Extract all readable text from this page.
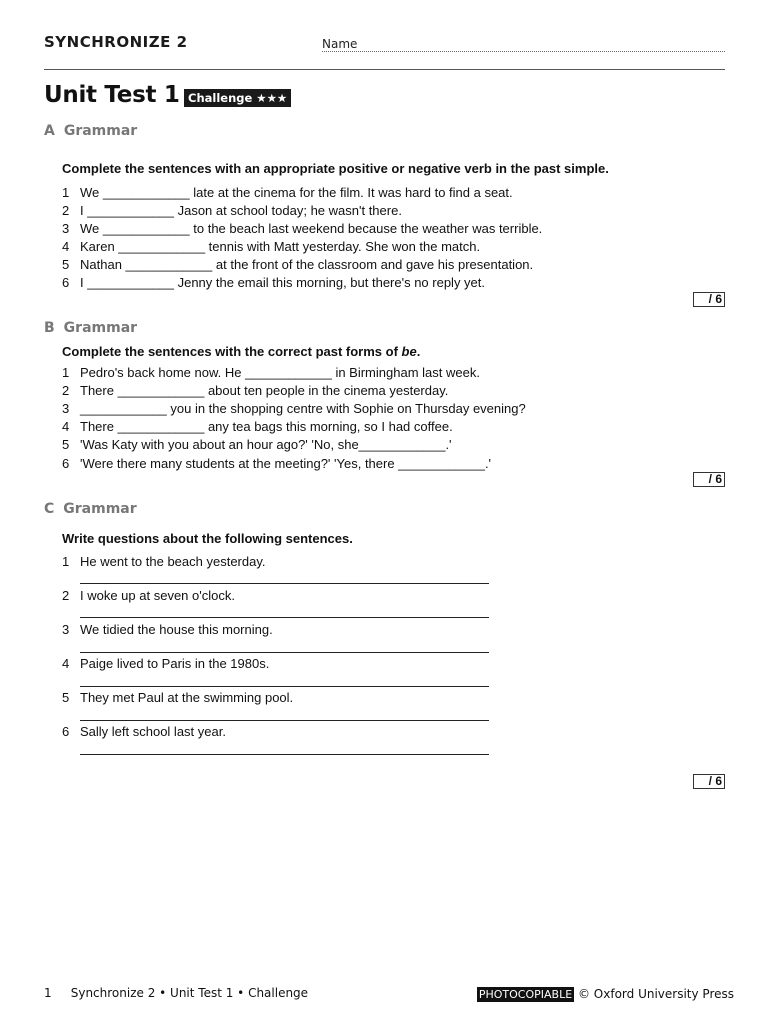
SYNCHRONIZE 2	Name
Unit Test 1 Challenge ★★★
A Grammar
Complete the sentences with an appropriate positive or negative verb in the past simple.
1 We ____________ late at the cinema for the film. It was hard to find a seat.
2 I ____________ Jason at school today; he wasn't there.
3 We ____________ to the beach last weekend because the weather was terrible.
4 Karen ____________ tennis with Matt yesterday. She won the match.
5 Nathan ____________ at the front of the classroom and gave his presentation.
6 I ____________ Jenny the email this morning, but there's no reply yet.
/ 6
B Grammar
Complete the sentences with the correct past forms of be.
1 Pedro's back home now. He ____________ in Birmingham last week.
2 There ____________ about ten people in the cinema yesterday.
3 ____________ you in the shopping centre with Sophie on Thursday evening?
4 There ____________ any tea bags this morning, so I had coffee.
5 'Was Katy with you about an hour ago?' 'No, she____________.'
6 'Were there many students at the meeting?' 'Yes, there ____________.'
/ 6
C Grammar
Write questions about the following sentences.
1 He went to the beach yesterday.
2 I woke up at seven o'clock.
3 We tidied the house this morning.
4 Paige lived to Paris in the 1980s.
5 They met Paul at the swimming pool.
6 Sally left school last year.
/ 6
1 Synchronize 2 • Unit Test 1 • Challenge	PHOTOCOPIABLE © Oxford University Press
